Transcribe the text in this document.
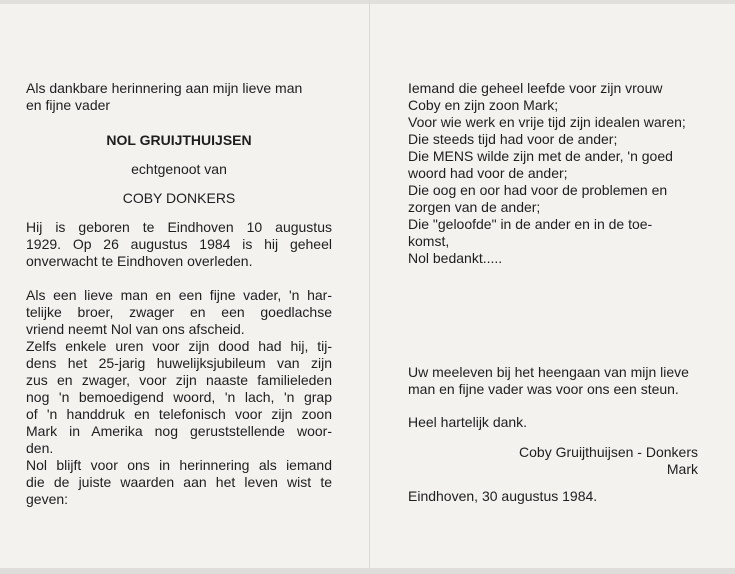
Als dankbare herinnering aan mijn lieve man
en fijne vader
NOL GRUIJTHUIJSEN
echtgenoot van
COBY DONKERS
Hij is geboren te Eindhoven 10 augustus
1929. Op 26 augustus 1984 is hij geheel
onverwacht te Eindhoven overleden.
Als een lieve man en een fijne vader, 'n har-
telijke broer, zwager en een goedlachse
vriend neemt Nol van ons afscheid.
Zelfs enkele uren voor zijn dood had hij, tij-
dens het 25-jarig huwelijksjubileum van zijn
zus en zwager, voor zijn naaste familieleden
nog 'n bemoedigend woord, 'n lach, 'n grap
of 'n handdruk en telefonisch voor zijn zoon
Mark in Amerika nog geruststellende woor-
den.
Nol blijft voor ons in herinnering als iemand
die de juiste waarden aan het leven wist te
geven:
Iemand die geheel leefde voor zijn vrouw
Coby en zijn zoon Mark;
Voor wie werk en vrije tijd zijn idealen waren;
Die steeds tijd had voor de ander;
Die MENS wilde zijn met de ander, 'n goed
woord had voor de ander;
Die oog en oor had voor de problemen en
zorgen van de ander;
Die "geloofde" in de ander en in de toe-
komst,
Nol bedankt.....
Uw meeleven bij het heengaan van mijn lieve
man en fijne vader was voor ons een steun.
Heel hartelijk dank.
Coby Gruijthuijsen - Donkers
Mark
Eindhoven, 30 augustus 1984.
